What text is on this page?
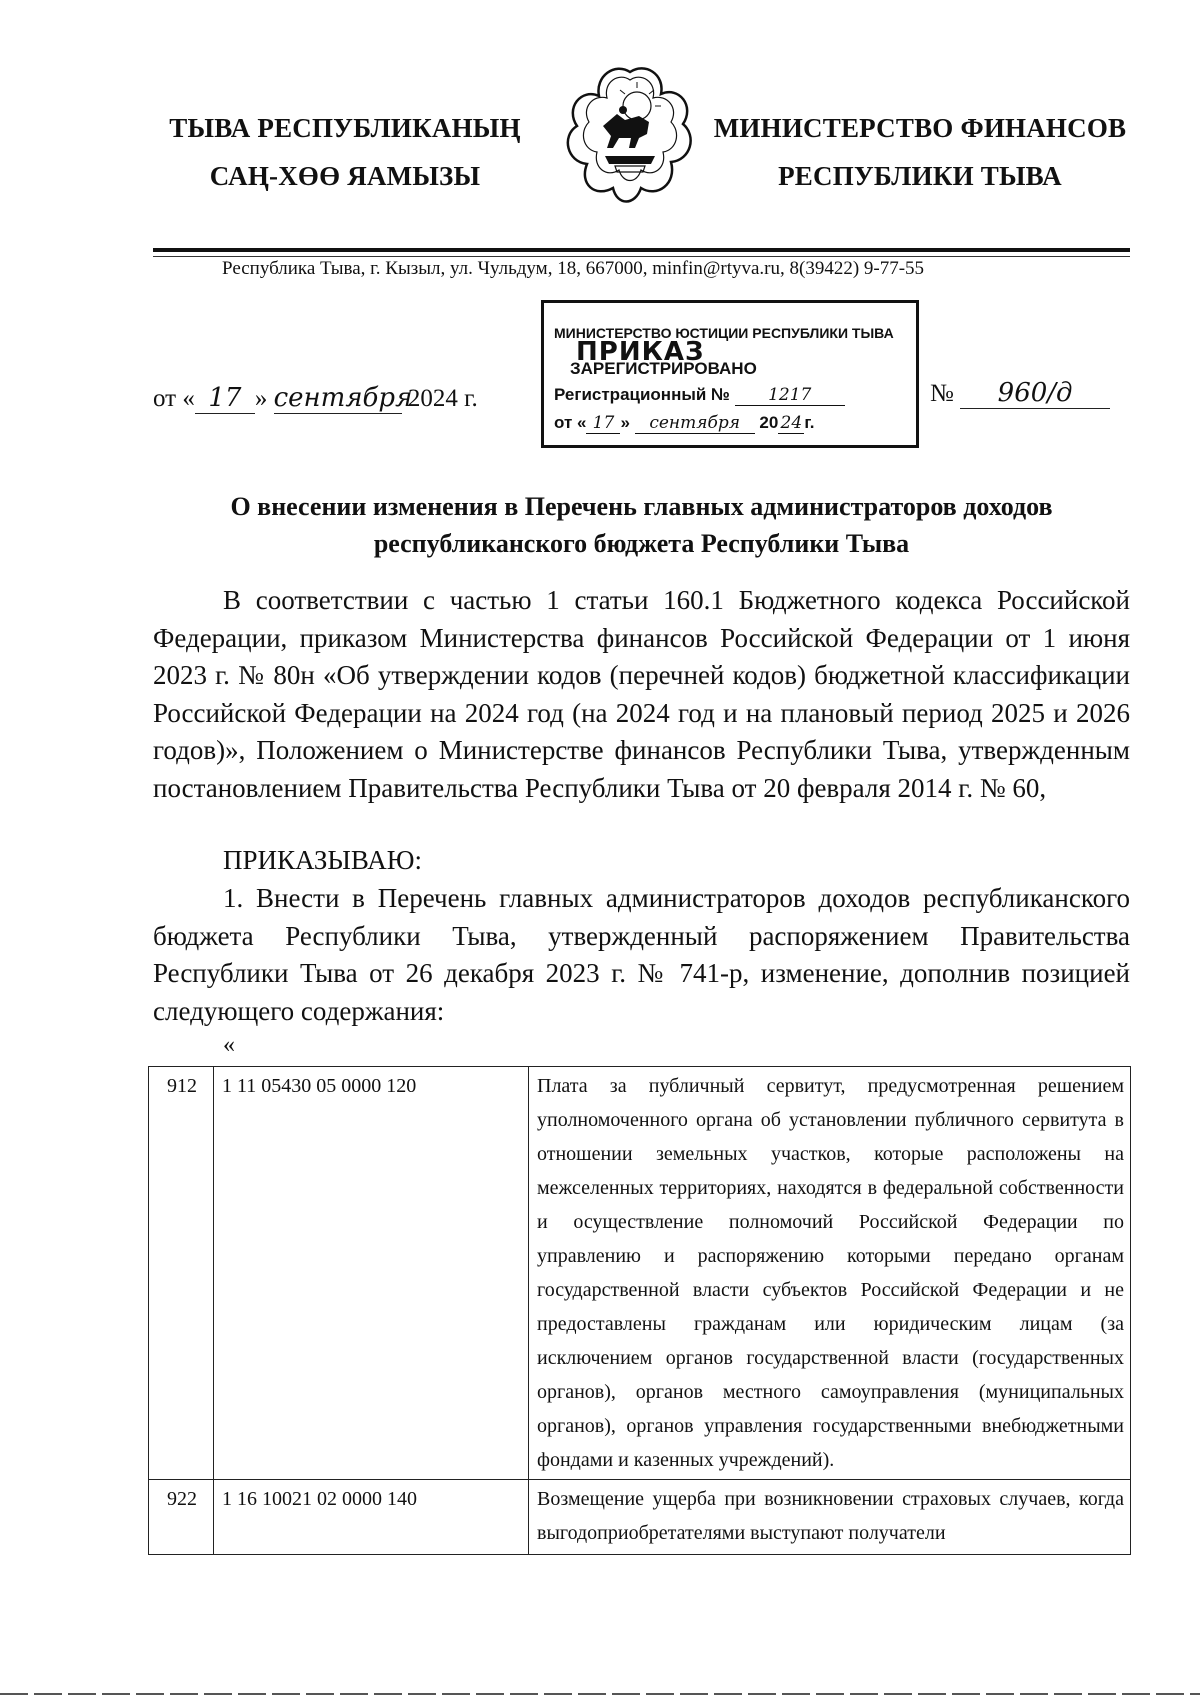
ТЫВА РЕСПУБЛИКАНЫҢ
САҢ-ХӨӨ ЯАМЫЗЫ
МИНИСТЕРСТВО ФИНАНСОВ
РЕСПУБЛИКИ ТЫВА
Республика Тыва, г. Кызыл, ул. Чульдум, 18, 667000, minfin@rtyva.ru, 8(39422) 9-77-55
от « 17 » сентября 2024 г.
МИНИСТЕРСТВО ЮСТИЦИИ РЕСПУБЛИКИ ТЫВА
ПРИКАЗ
ЗАРЕГИСТРИРОВАНО
Регистрационный № 1217
от « 17 » сентября 20 24 г.
№ 960/д
О внесении изменения в Перечень главных администраторов доходов
республиканского бюджета Республики Тыва
В соответствии с частью 1 статьи 160.1 Бюджетного кодекса Российской Федерации, приказом Министерства финансов Российской Федерации от 1 июня 2023 г. № 80н «Об утверждении кодов (перечней кодов) бюджетной классификации Российской Федерации на 2024 год (на 2024 год и на плановый период 2025 и 2026 годов)», Положением о Министерстве финансов Республики Тыва, утвержденным постановлением Правительства Республики Тыва от 20 февраля 2014 г. № 60,
ПРИКАЗЫВАЮ:
1. Внести в Перечень главных администраторов доходов республиканского бюджета Республики Тыва, утвержденный распоряжением Правительства Республики Тыва от 26 декабря 2023 г. № 741-р, изменение, дополнив позицией следующего содержания:
«
912	1 11 05430 05 0000 120	Плата за публичный сервитут, предусмотренная решением уполномоченного органа об установлении публичного сервитута в отношении земельных участков, которые расположены на межселенных территориях, находятся в федеральной собственности и осуществление полномочий Российской Федерации по управлению и распоряжению которыми передано органам государственной власти субъектов Российской Федерации и не предоставлены гражданам или юридическим лицам (за исключением органов государственной власти (государственных органов), органов местного самоуправления (муниципальных органов), органов управления государственными внебюджетными фондами и казенных учреждений).
922	1 16 10021 02 0000 140	Возмещение ущерба при возникновении страховых случаев, когда выгодоприобретателями выступают получатели
